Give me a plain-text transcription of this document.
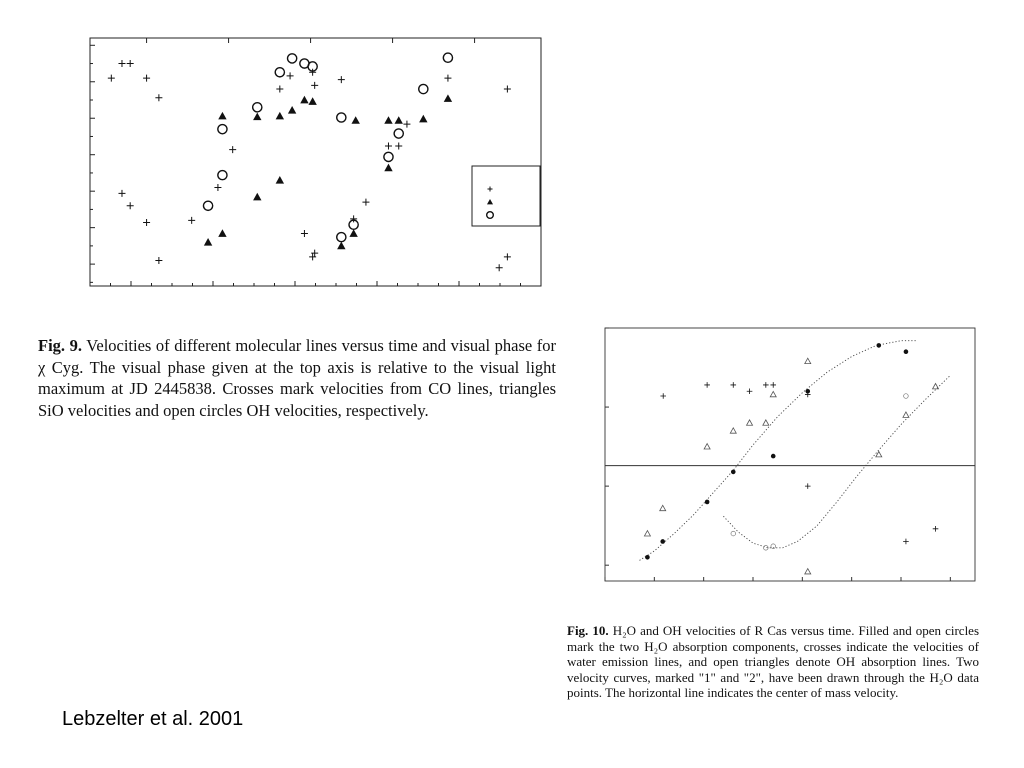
Fig. 9. Velocities of different molecular lines versus time and visual phase for χ Cyg. The visual phase given at the top axis is relative to the visual light maximum at JD 2445838. Crosses mark velocities from CO lines, triangles SiO velocities and open circles OH velocities, respectively.
Fig. 10. H₂O and OH velocities of R Cas versus time. Filled and open circles mark the two H₂O absorption components, crosses indicate the velocities of water emission lines, and open triangles denote OH absorption lines. Two velocity curves, marked "1" and "2", have been drawn through the H₂O data points. The horizontal line indicates the center of mass velocity.
Lebzelter et al. 2001
